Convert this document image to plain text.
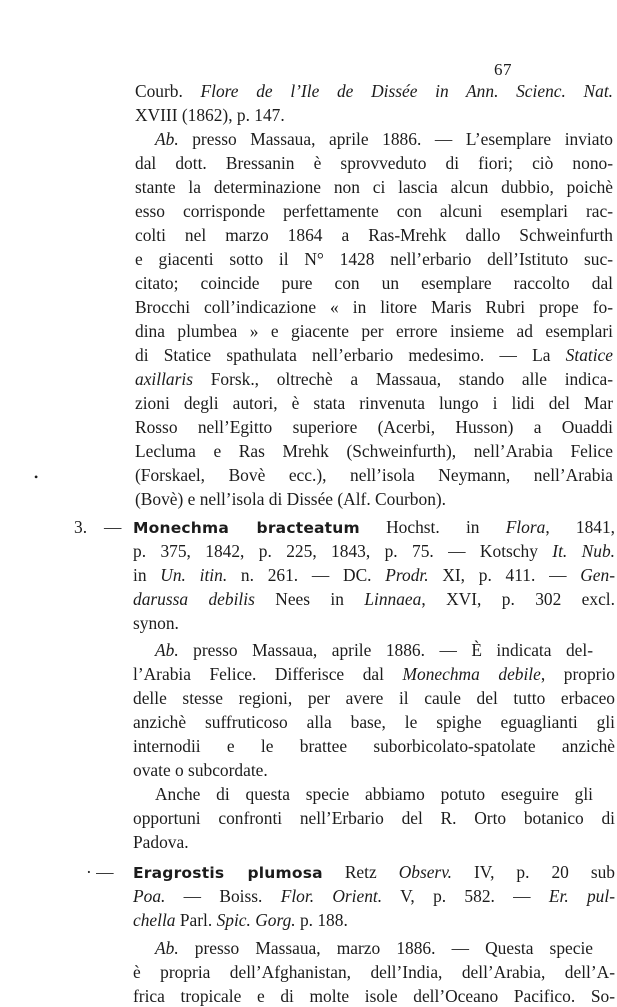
67
•
3. —
· —
Courb. Flore de l’Ile de Dissée in Ann. Scienc. Nat.
XVIII (1862), p. 147.
Ab. presso Massaua, aprile 1886. — L’esemplare inviato
dal dott. Bressanin è sprovveduto di fiori; ciò nono-
stante la determinazione non ci lascia alcun dubbio, poichè
esso corrisponde perfettamente con alcuni esemplari rac-
colti nel marzo 1864 a Ras-Mrehk dallo Schweinfurth
e giacenti sotto il N° 1428 nell’erbario dell’Istituto suc-
citato; coincide pure con un esemplare raccolto dal
Brocchi coll’indicazione « in litore Maris Rubri prope fo-
dina plumbea » e giacente per errore insieme ad esemplari
di Statice spathulata nell’erbario medesimo. — La Statice
axillaris Forsk., oltrechè a Massaua, stando alle indica-
zioni degli autori, è stata rinvenuta lungo i lidi del Mar
Rosso nell’Egitto superiore (Acerbi, Husson) a Ouaddi
Lecluma e Ras Mrehk (Schweinfurth), nell’Arabia Felice
(Forskael, Bovè ecc.), nell’isola Neymann, nell’Arabia
(Bovè) e nell’isola di Dissée (Alf. Courbon).
Monechma bracteatum Hochst. in Flora, 1841,
p. 375, 1842, p. 225, 1843, p. 75. — Kotschy It. Nub.
in Un. itin. n. 261. — DC. Prodr. XI, p. 411. — Gen-
darussa debilis Nees in Linnaea, XVI, p. 302 excl.
synon.
Ab. presso Massaua, aprile 1886. — È indicata del-
l’Arabia Felice. Differisce dal Monechma debile, proprio
delle stesse regioni, per avere il caule del tutto erbaceo
anzichè suffruticoso alla base, le spighe eguaglianti gli
internodii e le brattee suborbicolato-spatolate anzichè
ovate o subcordate.
Anche di questa specie abbiamo potuto eseguire gli
opportuni confronti nell’Erbario del R. Orto botanico di
Padova.
Eragrostis plumosa Retz Observ. IV, p. 20 sub
Poa. — Boiss. Flor. Orient. V, p. 582. — Er. pul-
chella Parl. Spic. Gorg. p. 188.
Ab. presso Massaua, marzo 1886. — Questa specie
è propria dell’Afghanistan, dell’India, dell’Arabia, dell’A-
frica tropicale e di molte isole dell’Oceano Pacifico. So-
